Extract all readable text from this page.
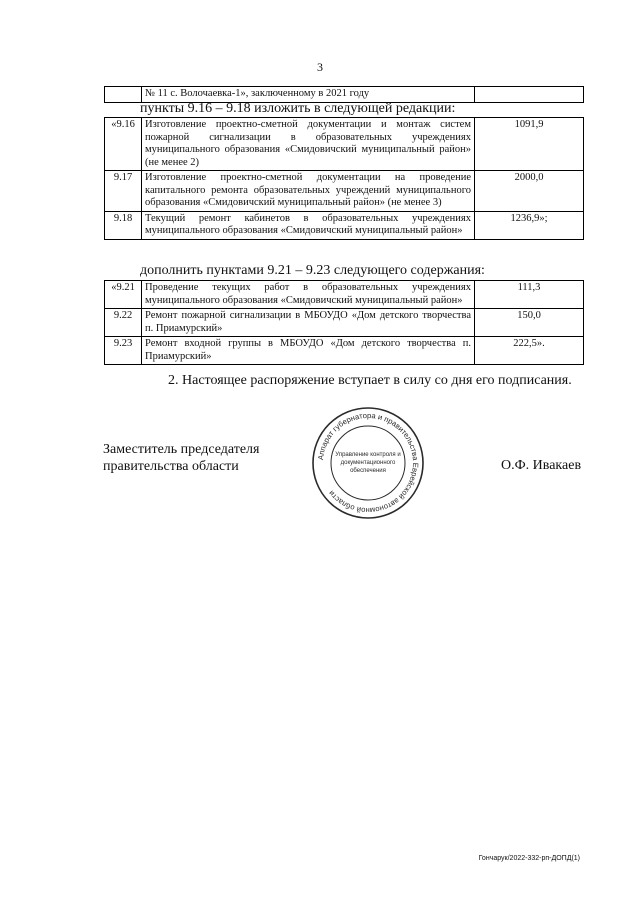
3
	№ 11 с. Волочаевка-1», заключенному в 2021 году	
пункты 9.16 – 9.18 изложить в следующей редакции:
«9.16	Изготовление проектно-сметной документации и монтаж систем пожарной сигнализации в образовательных учреждениях муниципального образования «Смидовичский муниципальный район» (не менее 2)	1091,9
9.17	Изготовление проектно-сметной документации на проведение капитального ремонта образовательных учреждений муниципального образования «Смидовичский муниципальный район» (не менее 3)	2000,0
9.18	Текущий ремонт кабинетов в образовательных учреждениях муниципального образования «Смидовичский муниципальный район»	1236,9»;
дополнить пунктами 9.21 – 9.23 следующего содержания:
«9.21	Проведение текущих работ в образовательных учреждениях муниципального образования «Смидовичский муниципальный район»	111,3
9.22	Ремонт пожарной сигнализации в МБОУДО «Дом детского творчества п. Приамурский»	150,0
9.23	Ремонт входной группы в МБОУДО «Дом детского творчества п. Приамурский»	222,5».
2. Настоящее распоряжение вступает в силу со дня его подписания.
Заместитель председателя
правительства области
Аппарат губернатора и правительства Еврейской автономной области
Управление контроля и
документационного
обеспечения	О.Ф. Ивакаев
Гончарук/2022-332-рп-ДОПД(1)
